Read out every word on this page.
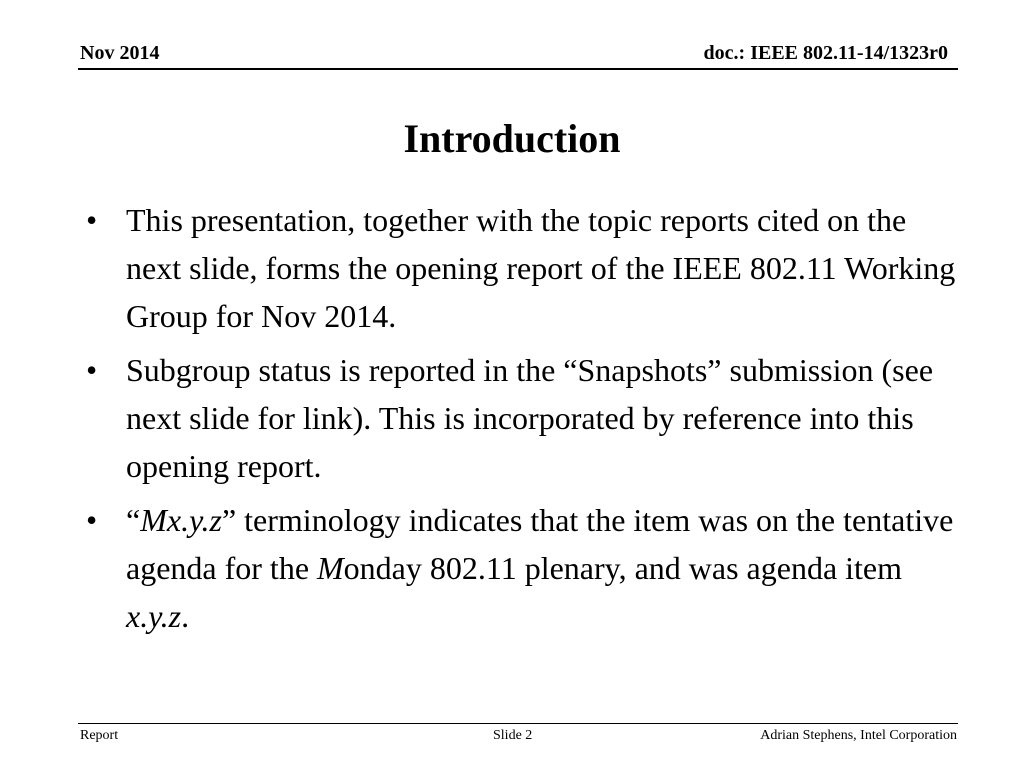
Nov 2014	doc.: IEEE 802.11-14/1323r0
Introduction
• This presentation, together with the topic reports cited on the next slide, forms the opening report of the IEEE 802.11 Working Group for Nov 2014.
• Subgroup status is reported in the “Snapshots” submission (see next slide for link). This is incorporated by reference into this opening report.
• “Mx.y.z” terminology indicates that the item was on the tentative agenda for the Monday 802.11 plenary, and was agenda item x.y.z.
Report	Slide 2	Adrian Stephens, Intel Corporation
